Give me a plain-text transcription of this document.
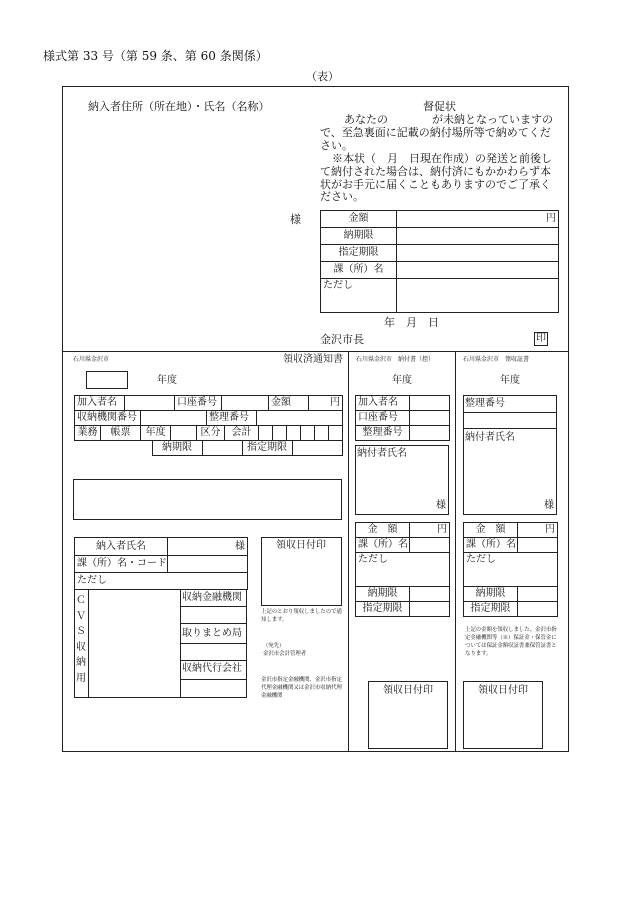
様式第 33 号（第 59 条、第 60 条関係）
（表）
納入者住所（所在地）・氏名（名称）
様
督促状
あなたの　　　　が未納となっていますので、至急裏面に記載の納付場所等で納めてください。
※本状（　月　日現在作成）の発送と前後して納付された場合は、納付済にもかかわらず本状がお手元に届くこともありますのでご了承ください。
金額	円
納期限	
指定期限	
課（所）名	
ただし	
年　月　日
金沢市長	印
石川県金沢市	領収済通知書
年度
加入者名		口座番号		金額	円
収納機関番号		整理番号	
業務	帳票	年度		区分	会計						
	納期限		指定期限	
納入者氏名	様
課（所）名・コード	
ただし	
Ｃ
Ｖ
Ｓ
収
納
用
収納金融機関
取りまとめ局
収納代行会社
領収日付印
上記のとおり領収しましたので通知します。
（宛先）
金沢市会計管理者
金沢市指定金融機関、金沢市指定代理金融機関又は金沢市収納代理金融機関
石川県金沢市　納付書（控）
年度
加入者名	
口座番号	
整理番号	
納付者氏名
様
金　額	円
課（所）名	
ただし	
納期限	
指定期限	
領収日付印
石川県金沢市　領収証書
年度
整理番号
納付者氏名
様
金　額	円
課（所）名	
ただし	
納期限	
指定期限	
上記の金額を領収しました。金沢市指定金融機関等（※）保証金・保管金については保証金額収証書兼保管証書となります。
領収日付印
